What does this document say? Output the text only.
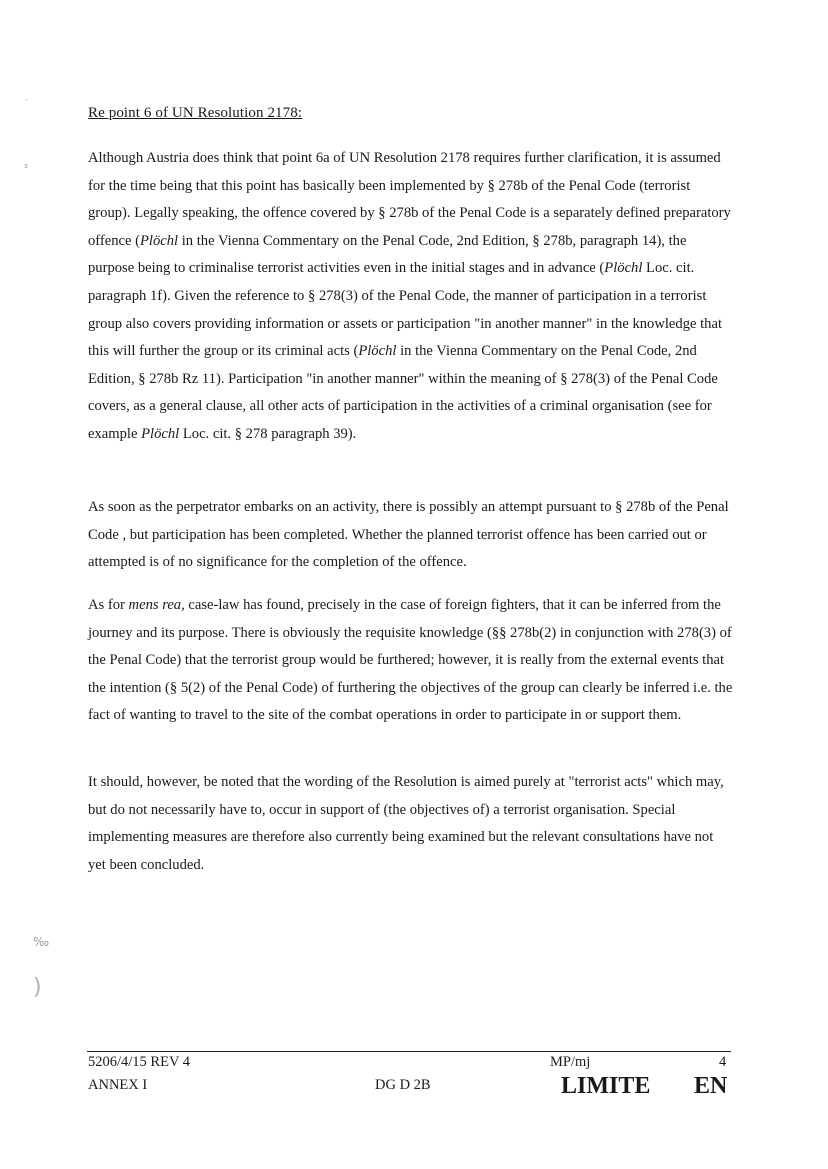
-
з
‰
)
Re point 6 of UN Resolution 2178:

Although Austria does think that point 6a of UN Resolution 2178 requires further clarification, it is assumed for the time being that this point has basically been implemented by § 278b of the Penal Code (terrorist group). Legally speaking, the offence covered by § 278b of the Penal Code is a separately defined preparatory offence (Plöchl in the Vienna Commentary on the Penal Code, 2nd Edition, § 278b, paragraph 14), the purpose being to criminalise terrorist activities even in the initial stages and in advance (Plöchl Loc. cit. paragraph 1f). Given the reference to § 278(3) of the Penal Code, the manner of participation in a terrorist group also covers providing information or assets or participation "in another manner" in the knowledge that this will further the group or its criminal acts (Plöchl in the Vienna Commentary on the Penal Code, 2nd Edition, § 278b Rz 11). Participation "in another manner" within the meaning of § 278(3) of the Penal Code covers, as a general clause, all other acts of participation in the activities of a criminal organisation (see for example Plöchl Loc. cit. § 278 paragraph 39).

As soon as the perpetrator embarks on an activity, there is possibly an attempt pursuant to § 278b of the Penal Code , but participation has been completed. Whether the planned terrorist offence has been carried out or attempted is of no significance for the completion of the offence.

As for mens rea, case-law has found, precisely in the case of foreign fighters, that it can be inferred from the journey and its purpose. There is obviously the requisite knowledge (§§ 278b(2) in conjunction with 278(3) of the Penal Code) that the terrorist group would be furthered; however, it is really from the external events that the intention (§ 5(2) of the Penal Code) of furthering the objectives of the group can clearly be inferred i.e. the fact of wanting to travel to the site of the combat operations in order to participate in or support them.

It should, however, be noted that the wording of the Resolution is aimed purely at "terrorist acts" which may, but do not necessarily have to, occur in support of (the objectives of) a terrorist organisation. Special implementing measures are therefore also currently being examined but the relevant consultations have not yet been concluded.

5206/4/15 REV 4
ANNEX I	DG D 2B
MP/mj	4
LIMITE EN
